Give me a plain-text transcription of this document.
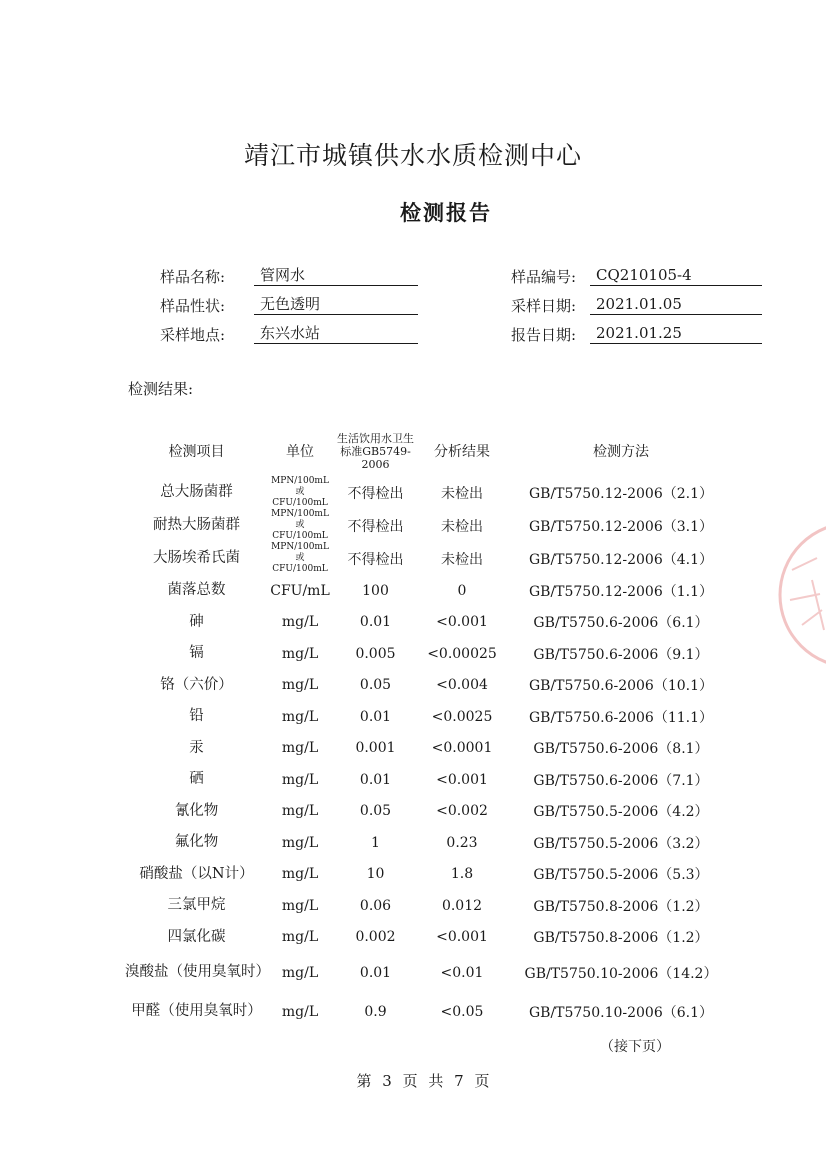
靖江市城镇供水水质检测中心
检测报告
样品名称:	管网水	样品编号:	CQ210105-4
样品性状:	无色透明	采样日期:	2021.01.05
采样地点:	东兴水站	报告日期:	2021.01.25
检测结果:
检测项目	单位	生活饮用水卫生标准GB5749-2006	分析结果	检测方法
总大肠菌群	MPN/100mL或CFU/100mL	不得检出	未检出	GB/T5750.12-2006（2.1）
耐热大肠菌群	MPN/100mL或CFU/100mL	不得检出	未检出	GB/T5750.12-2006（3.1）
大肠埃希氏菌	MPN/100mL或CFU/100mL	不得检出	未检出	GB/T5750.12-2006（4.1）
菌落总数	CFU/mL	100	0	GB/T5750.12-2006（1.1）
砷	mg/L	0.01	<0.001	GB/T5750.6-2006（6.1）
镉	mg/L	0.005	<0.00025	GB/T5750.6-2006（9.1）
铬（六价）	mg/L	0.05	<0.004	GB/T5750.6-2006（10.1）
铅	mg/L	0.01	<0.0025	GB/T5750.6-2006（11.1）
汞	mg/L	0.001	<0.0001	GB/T5750.6-2006（8.1）
硒	mg/L	0.01	<0.001	GB/T5750.6-2006（7.1）
氰化物	mg/L	0.05	<0.002	GB/T5750.5-2006（4.2）
氟化物	mg/L	1	0.23	GB/T5750.5-2006（3.2）
硝酸盐（以N计）	mg/L	10	1.8	GB/T5750.5-2006（5.3）
三氯甲烷	mg/L	0.06	0.012	GB/T5750.8-2006（1.2）
四氯化碳	mg/L	0.002	<0.001	GB/T5750.8-2006（1.2）
溴酸盐（使用臭氧时）	mg/L	0.01	<0.01	GB/T5750.10-2006（14.2）
甲醛（使用臭氧时）	mg/L	0.9	<0.05	GB/T5750.10-2006（6.1）
（接下页）
第 3 页 共 7 页
